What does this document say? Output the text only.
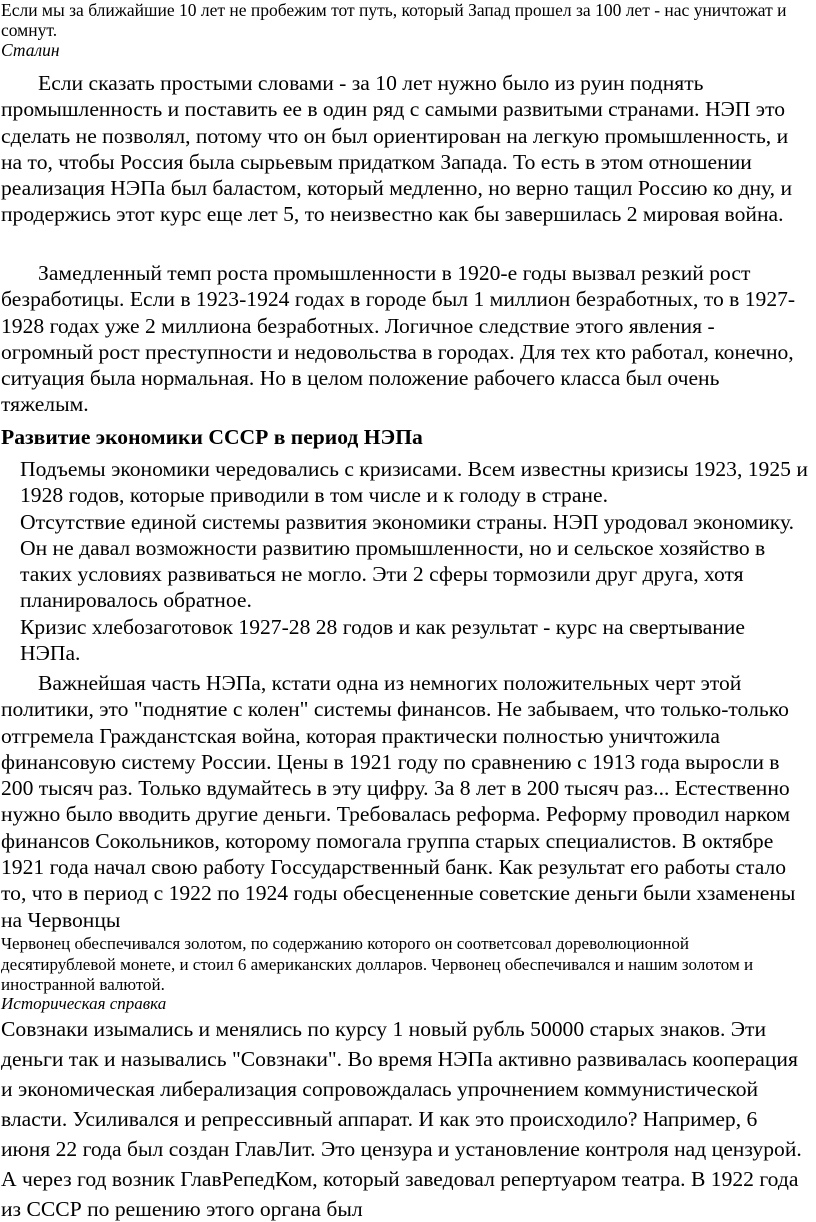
Если мы за ближайшие 10 лет не пробежим тот путь, который Запад прошел за 100 лет - нас уничтожат и сомнут.

Сталин

Если сказать простыми словами - за 10 лет нужно было из руин поднять промышленность и поставить ее в один ряд с самыми развитыми странами. НЭП это сделать не позволял, потому что он был ориентирован на легкую промышленность, и на то, чтобы Россия была сырьевым придатком Запада. То есть в этом отношении реализация НЭПа был баластом, который медленно, но верно тащил Россию ко дну, и продержись этот курс еще лет 5, то неизвестно как бы завершилась 2 мировая война.

Замедленный темп роста промышленности в 1920-е годы вызвал резкий рост безработицы. Если в 1923-1924 годах в городе был 1 миллион безработных, то в 1927-1928 годах уже 2 миллиона безработных. Логичное следствие этого явления - огромный рост преступности и недовольства в городах. Для тех кто работал, конечно, ситуация была нормальная. Но в целом положение рабочего класса был очень тяжелым.

Развитие экономики СССР в период НЭПа

Подъемы экономики чередовались с кризисами. Всем известны кризисы 1923, 1925 и 1928 годов, которые приводили в том числе и к голоду в стране.

Отсутствие единой системы развития экономики страны. НЭП уродовал экономику. Он не давал возможности развитию промышленности, но и сельское хозяйство в таких условиях развиваться не могло. Эти 2 сферы тормозили друг друга, хотя планировалось обратное.

Кризис хлебозаготовок 1927-28 28 годов и как результат - курс на свертывание НЭПа.

Важнейшая часть НЭПа, кстати одна из немногих положительных черт этой политики, это "поднятие с колен" системы финансов. Не забываем, что только-только отгремела Гражданстская война, которая практически полностью уничтожила финансовую систему России. Цены в 1921 году по сравнению с 1913 года выросли в 200 тысяч раз. Только вдумайтесь в эту цифру. За 8 лет в 200 тысяч раз... Естественно нужно было вводить другие деньги. Требовалась реформа. Реформу проводил нарком финансов Сокольников, которому помогала группа старых специалистов. В октябре 1921 года начал свою работу Госсударственный банк. Как результат его работы стало то, что в период с 1922 по 1924 годы обесцененные советские деньги были хзаменены на Червонцы

Червонец обеспечивался золотом, по содержанию которого он соответсовал дореволюционной десятирублевой монете, и стоил 6 американских долларов. Червонец обеспечивался и нашим золотом и иностранной валютой.

Историческая справка

Совзнаки изымались и менялись по курсу 1 новый рубль 50000 старых знаков. Эти деньги так и назывались "Совзнаки". Во время НЭПа активно развивалась кооперация и экономическая либерализация сопровождалась упрочнением коммунистической власти. Усиливался и репрессивный аппарат. И как это происходило? Например, 6 июня 22 года был создан ГлавЛит. Это цензура и установление контроля над цензурой. А через год возник ГлавРепедКом, который заведовал репертуаром театра. В 1922 года из СССР по решению этого органа был
